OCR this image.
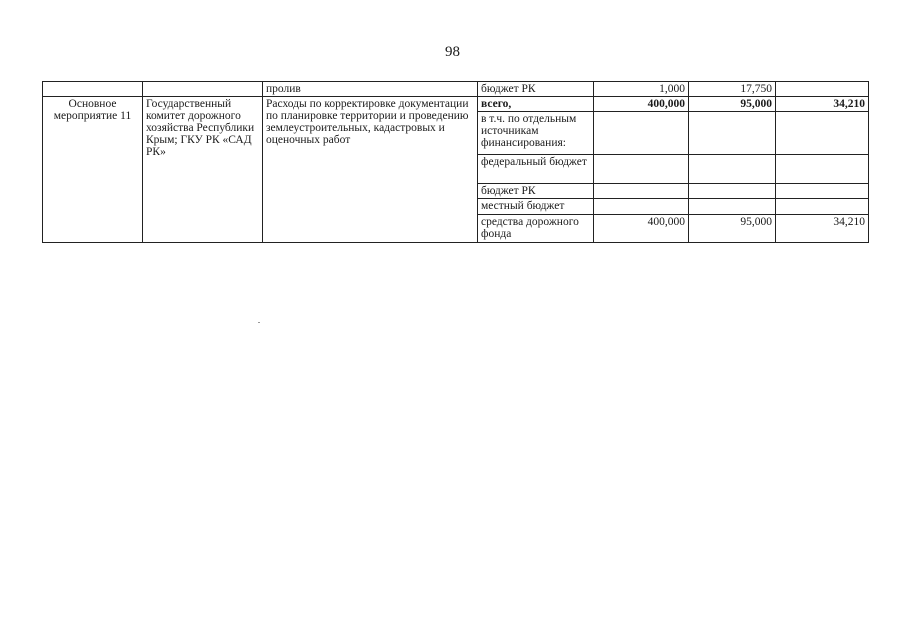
98
		пролив	бюджет РК	1,000	17,750	
Основное мероприятие 11	Государственный комитет дорожного хозяйства Республики Крым; ГКУ РК «САД РК»	Расходы по корректировке документации по планировке территории и проведению землеустроительных, кадастровых и оценочных работ	всего,	400,000	95,000	34,210
			в т.ч. по отдельным источникам финансирования:			
			федеральный бюджет			
			бюджет РК			
			местный бюджет			
			средства дорожного фонда	400,000	95,000	34,210
